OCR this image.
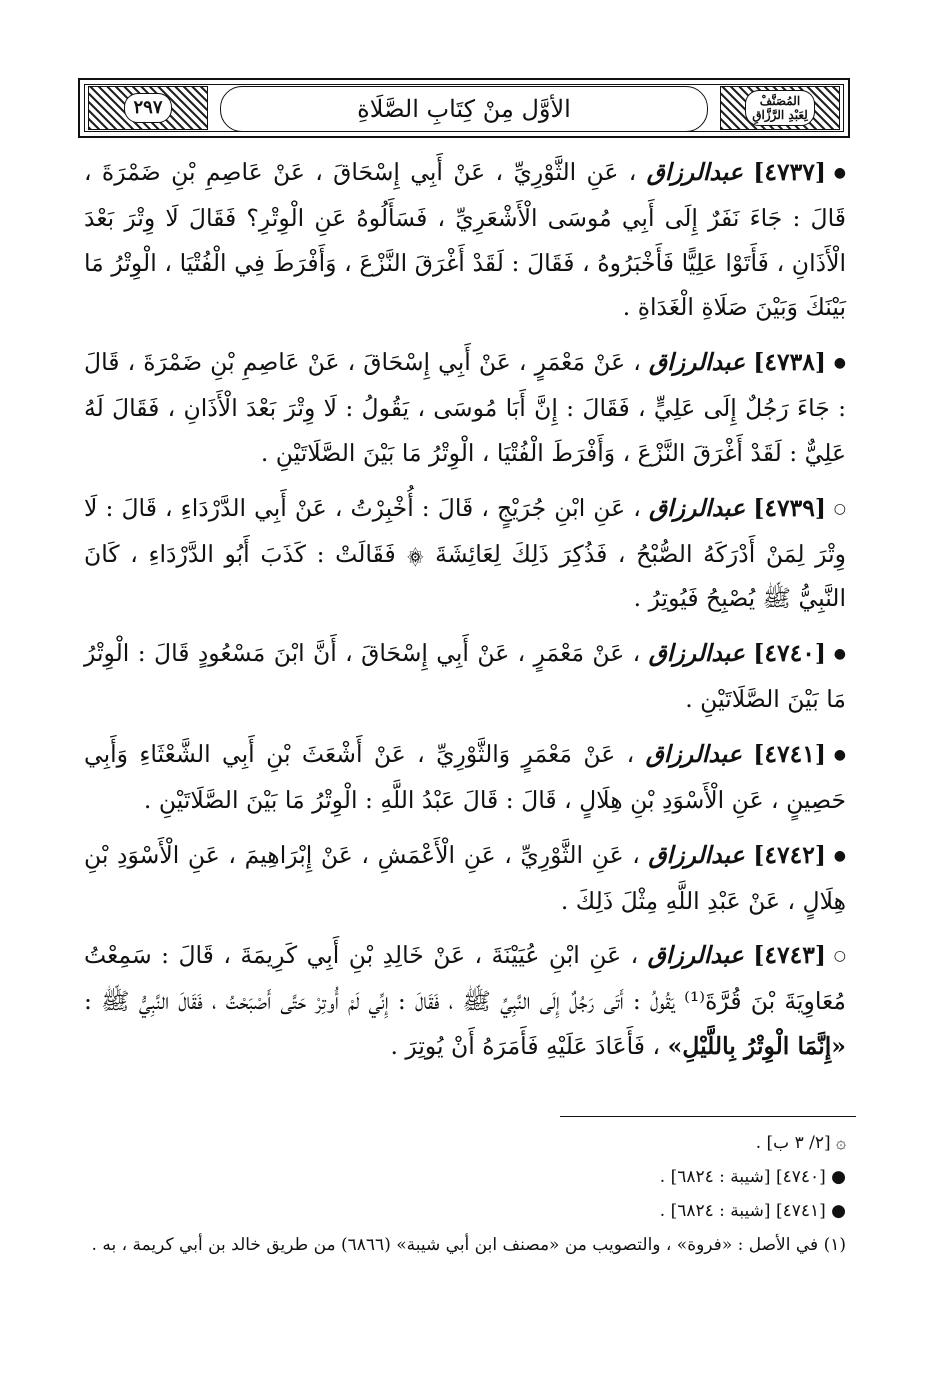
٢٩٧	الأوَّل مِنْ كِتَابِ الصَّلَاةِ	المُصَنَّفْ
لِعَبْدِ الرَّزَّاقِ

●[٤٧٣٧] عبدالرزاق ، عَنِ الثَّوْرِيِّ ، عَنْ أَبِي إِسْحَاقَ ، عَنْ عَاصِمِ بْنِ ضَمْرَةَ ، قَالَ : جَاءَ نَفَرٌ إِلَى أَبِي مُوسَى الْأَشْعَرِيِّ ، فَسَأَلُوهُ عَنِ الْوِتْرِ؟ فَقَالَ لَا وِتْرَ بَعْدَ الْأَذَانِ ، فَأَتَوْا عَلِيًّا فَأَخْبَرُوهُ ، فَقَالَ : لَقَدْ أَغْرَقَ النَّزْعَ ، وَأَفْرَطَ فِي الْفُتْيَا ، الْوِتْرُ مَا بَيْنَكَ وَبَيْنَ صَلَاةِ الْغَدَاةِ .

●[٤٧٣٨] عبدالرزاق ، عَنْ مَعْمَرٍ ، عَنْ أَبِي إِسْحَاقَ ، عَنْ عَاصِمِ بْنِ ضَمْرَةَ ، قَالَ : جَاءَ رَجُلٌ إِلَى عَلِيٍّ ، فَقَالَ : إِنَّ أَبَا مُوسَى ، يَقُولُ : لَا وِتْرَ بَعْدَ الْأَذَانِ ، فَقَالَ لَهُ عَلِيٌّ : لَقَدْ أَغْرَقَ النَّزْعَ ، وَأَفْرَطَ الْفُتْيَا ، الْوِتْرُ مَا بَيْنَ الصَّلَاتَيْنِ .

○[٤٧٣٩] عبدالرزاق ، عَنِ ابْنِ جُرَيْجٍ ، قَالَ : أُخْبِرْتُ ، عَنْ أَبِي الدَّرْدَاءِ ، قَالَ : لَا وِتْرَ لِمَنْ أَدْرَكَهُ الصُّبْحُ ، فَذُكِرَ ذَلِكَ لِعَائِشَةَ ۞ فَقَالَتْ : كَذَبَ أَبُو الدَّرْدَاءِ ، كَانَ النَّبِيُّ ﷺ يُصْبِحُ فَيُوتِرُ .

●[٤٧٤٠] عبدالرزاق ، عَنْ مَعْمَرٍ ، عَنْ أَبِي إِسْحَاقَ ، أَنَّ ابْنَ مَسْعُودٍ قَالَ : الْوِتْرُ مَا بَيْنَ الصَّلَاتَيْنِ .

●[٤٧٤١] عبدالرزاق ، عَنْ مَعْمَرٍ وَالثَّوْرِيِّ ، عَنْ أَشْعَثَ بْنِ أَبِي الشَّعْثَاءِ وَأَبِي حَصِينٍ ، عَنِ الْأَسْوَدِ بْنِ هِلَالٍ ، قَالَ : قَالَ عَبْدُ اللَّهِ : الْوِتْرُ مَا بَيْنَ الصَّلَاتَيْنِ .

●[٤٧٤٢] عبدالرزاق ، عَنِ الثَّوْرِيِّ ، عَنِ الْأَعْمَشِ ، عَنْ إِبْرَاهِيمَ ، عَنِ الْأَسْوَدِ بْنِ هِلَالٍ ، عَنْ عَبْدِ اللَّهِ مِثْلَ ذَلِكَ .

○[٤٧٤٣] عبدالرزاق ، عَنِ ابْنِ عُيَيْنَةَ ، عَنْ خَالِدِ بْنِ أَبِي كَرِيمَةَ ، قَالَ : سَمِعْتُ مُعَاوِيَةَ بْنَ قُرَّةَ⁽¹⁾ يَقُولُ : أَتَى رَجُلٌ إِلَى النَّبِيِّ ﷺ ، فَقَالَ : إِنِّي لَمْ أُوتِرْ حَتَّى أَصْبَحْتُ ، فَقَالَ النَّبِيُّ ﷺ : «إِنَّمَا الْوِتْرُ بِاللَّيْلِ» ، فَأَعَادَ عَلَيْهِ فَأَمَرَهُ أَنْ يُوتِرَ .

۞ [٢/ ٣ ب] .
● [٤٧٤٠] [شيبة : ٦٨٢٤] .
● [٤٧٤١] [شيبة : ٦٨٢٤] .
(١) في الأصل : «فروة» ، والتصويب من «مصنف ابن أبي شيبة» (٦٨٦٦) من طريق خالد بن أبي كريمة ، به .
